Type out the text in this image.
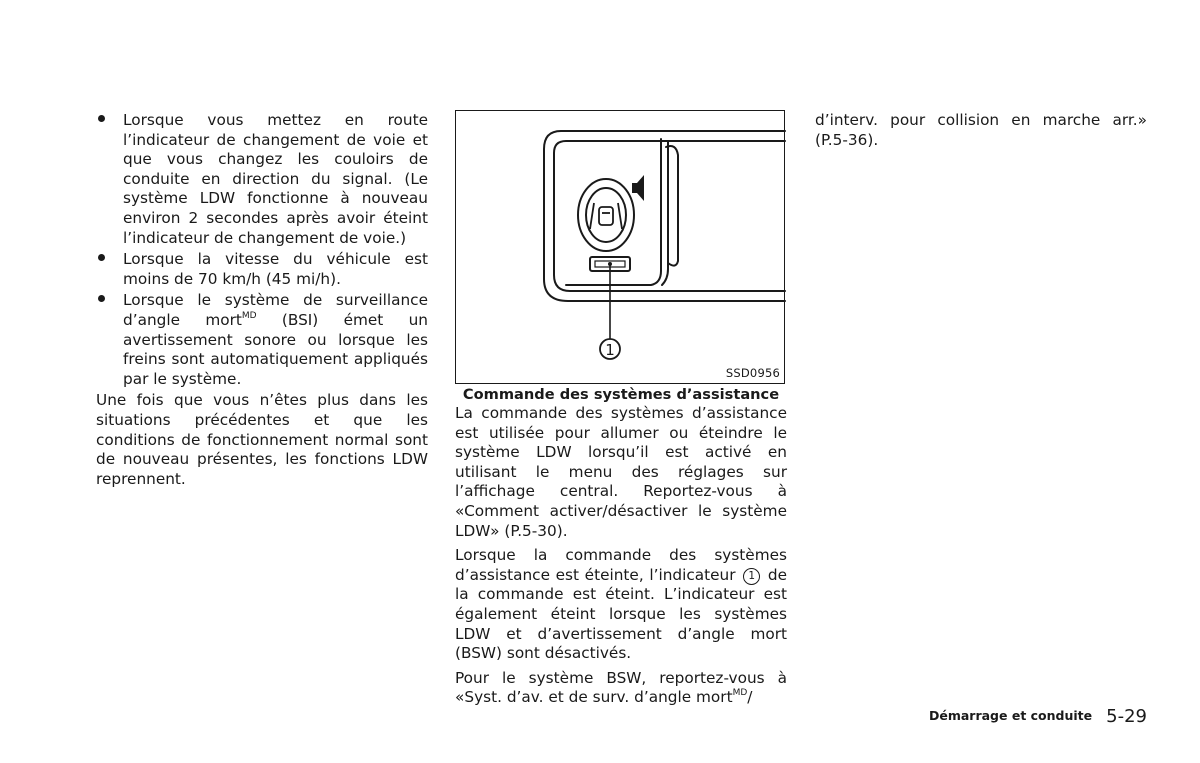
Lorsque vous mettez en route l’indicateur de changement de voie et que vous changez les couloirs de conduite en direction du signal. (Le système LDW fonctionne à nouveau environ 2 secondes après avoir éteint l’indicateur de changement de voie.)
Lorsque la vitesse du véhicule est moins de 70 km/h (45 mi/h).
Lorsque le système de surveillance d’angle mort$^{MD}$ (BSI) émet un avertissement sonore ou lorsque les freins sont automatiquement appliqués par le système.

Une fois que vous n’êtes plus dans les situations précédentes et que les conditions de fonctionnement normal sont de nouveau présentes, les fonctions LDW reprennent.

1
SSD0956
Commande des systèmes d’assistance

La commande des systèmes d’assistance est utilisée pour allumer ou éteindre le système LDW lorsqu’il est activé en utilisant le menu des réglages sur l’affichage central. Reportez-vous à «Comment activer/désactiver le système LDW» (P.5-30).

Lorsque la commande des systèmes d’assistance est éteinte, l’indicateur 1 de la commande est éteint. L’indicateur est également éteint lorsque les systèmes LDW et d’avertissement d’angle mort (BSW) sont désactivés.

Pour le système BSW, reportez-vous à «Syst. d’av. et de surv. d’angle mort$^{MD}$/

d’interv. pour collision en marche arr.» (P.5-36).

Démarrage et conduite 5-29
